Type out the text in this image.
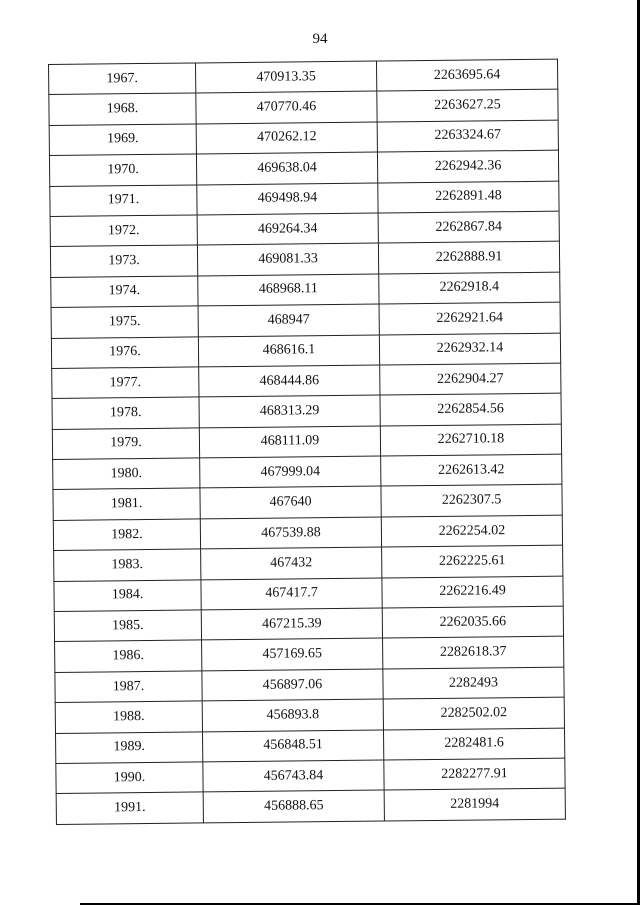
94
1967.	470913.35	2263695.64
1968.	470770.46	2263627.25
1969.	470262.12	2263324.67
1970.	469638.04	2262942.36
1971.	469498.94	2262891.48
1972.	469264.34	2262867.84
1973.	469081.33	2262888.91
1974.	468968.11	2262918.4
1975.	468947	2262921.64
1976.	468616.1	2262932.14
1977.	468444.86	2262904.27
1978.	468313.29	2262854.56
1979.	468111.09	2262710.18
1980.	467999.04	2262613.42
1981.	467640	2262307.5
1982.	467539.88	2262254.02
1983.	467432	2262225.61
1984.	467417.7	2262216.49
1985.	467215.39	2262035.66
1986.	457169.65	2282618.37
1987.	456897.06	2282493
1988.	456893.8	2282502.02
1989.	456848.51	2282481.6
1990.	456743.84	2282277.91
1991.	456888.65	2281994
